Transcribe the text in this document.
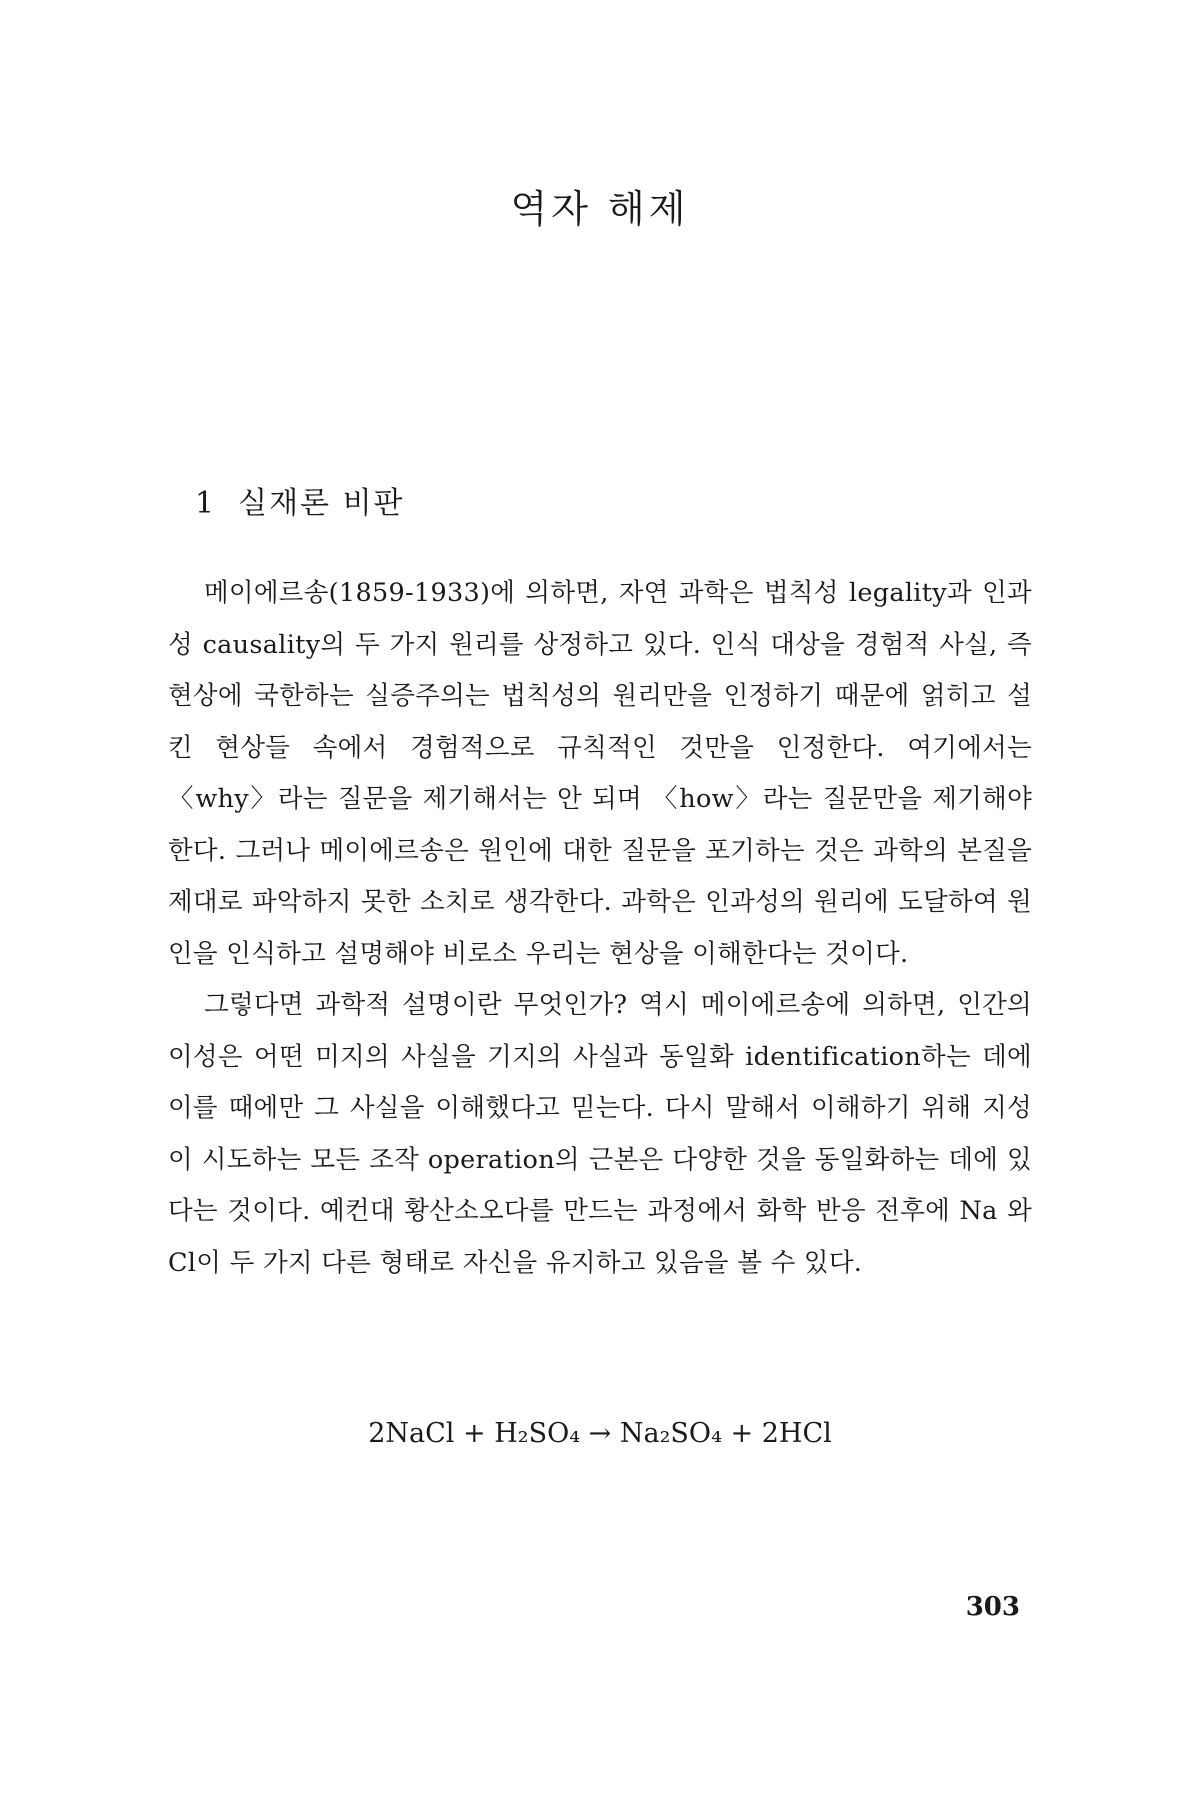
역자 해제
1 실재론 비판

메이에르송(1859-1933)에 의하면, 자연 과학은 법칙성 legality과 인과성 causality의 두 가지 원리를 상정하고 있다. 인식 대상을 경험적 사실, 즉 현상에 국한하는 실증주의는 법칙성의 원리만을 인정하기 때문에 얽히고 설킨 현상들 속에서 경험적으로 규칙적인 것만을 인정한다. 여기에서는 〈why〉라는 질문을 제기해서는 안 되며 〈how〉라는 질문만을 제기해야 한다. 그러나 메이에르송은 원인에 대한 질문을 포기하는 것은 과학의 본질을 제대로 파악하지 못한 소치로 생각한다. 과학은 인과성의 원리에 도달하여 원인을 인식하고 설명해야 비로소 우리는 현상을 이해한다는 것이다.

그렇다면 과학적 설명이란 무엇인가? 역시 메이에르송에 의하면, 인간의 이성은 어떤 미지의 사실을 기지의 사실과 동일화 identification하는 데에 이를 때에만 그 사실을 이해했다고 믿는다. 다시 말해서 이해하기 위해 지성이 시도하는 모든 조작 operation의 근본은 다양한 것을 동일화하는 데에 있다는 것이다. 예컨대 황산소오다를 만드는 과정에서 화학 반응 전후에 Na 와 Cl이 두 가지 다른 형태로 자신을 유지하고 있음을 볼 수 있다.

2NaCl + H₂SO₄ → Na₂SO₄ + 2HCl

303
